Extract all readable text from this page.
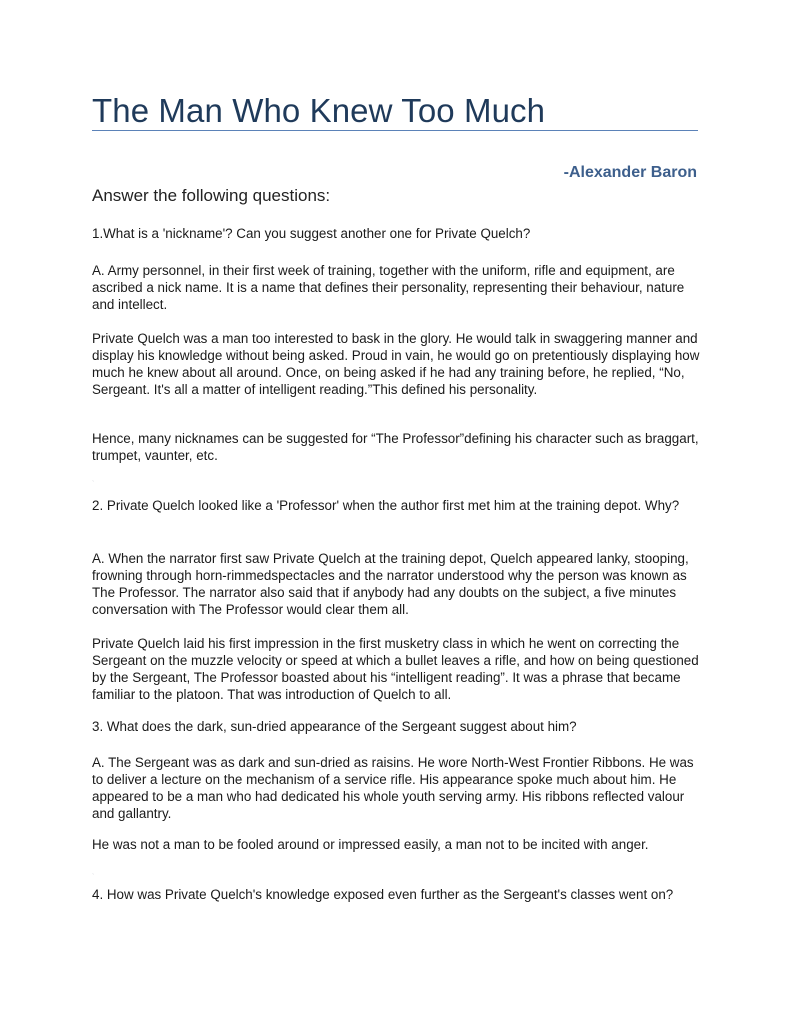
The Man Who Knew Too Much
-Alexander Baron
Answer the following questions:

1.What is a 'nickname'? Can you suggest another one for Private Quelch?

A. Army personnel, in their first week of training, together with the uniform, rifle and equipment, are ascribed a nick name. It is a name that defines their personality, representing their behaviour, nature and intellect.

Private Quelch was a man too interested to bask in the glory. He would talk in swaggering manner and display his knowledge without being asked. Proud in vain, he would go on pretentiously displaying how much he knew about all around. Once, on being asked if he had any training before, he replied, “No, Sergeant. It's all a matter of intelligent reading.”This defined his personality.

Hence, many nicknames can be suggested for “The Professor”defining his character such as braggart, trumpet, vaunter, etc.

`

2. Private Quelch looked like a 'Professor' when the author first met him at the training depot. Why?

A. When the narrator first saw Private Quelch at the training depot, Quelch appeared lanky, stooping, frowning through horn-rimmedspectacles and the narrator understood why the person was known as The Professor. The narrator also said that if anybody had any doubts on the subject, a five minutes conversation with The Professor would clear them all.

Private Quelch laid his first impression in the first musketry class in which he went on correcting the Sergeant on the muzzle velocity or speed at which a bullet leaves a rifle, and how on being questioned by the Sergeant, The Professor boasted about his “intelligent reading”. It was a phrase that became familiar to the platoon. That was introduction of Quelch to all.

3. What does the dark, sun-dried appearance of the Sergeant suggest about him?

A. The Sergeant was as dark and sun-dried as raisins. He wore North-West Frontier Ribbons. He was to deliver a lecture on the mechanism of a service rifle. His appearance spoke much about him. He appeared to be a man who had dedicated his whole youth serving army. His ribbons reflected valour and gallantry.

He was not a man to be fooled around or impressed easily, a man not to be incited with anger.

`

4. How was Private Quelch's knowledge exposed even further as the Sergeant's classes went on?
